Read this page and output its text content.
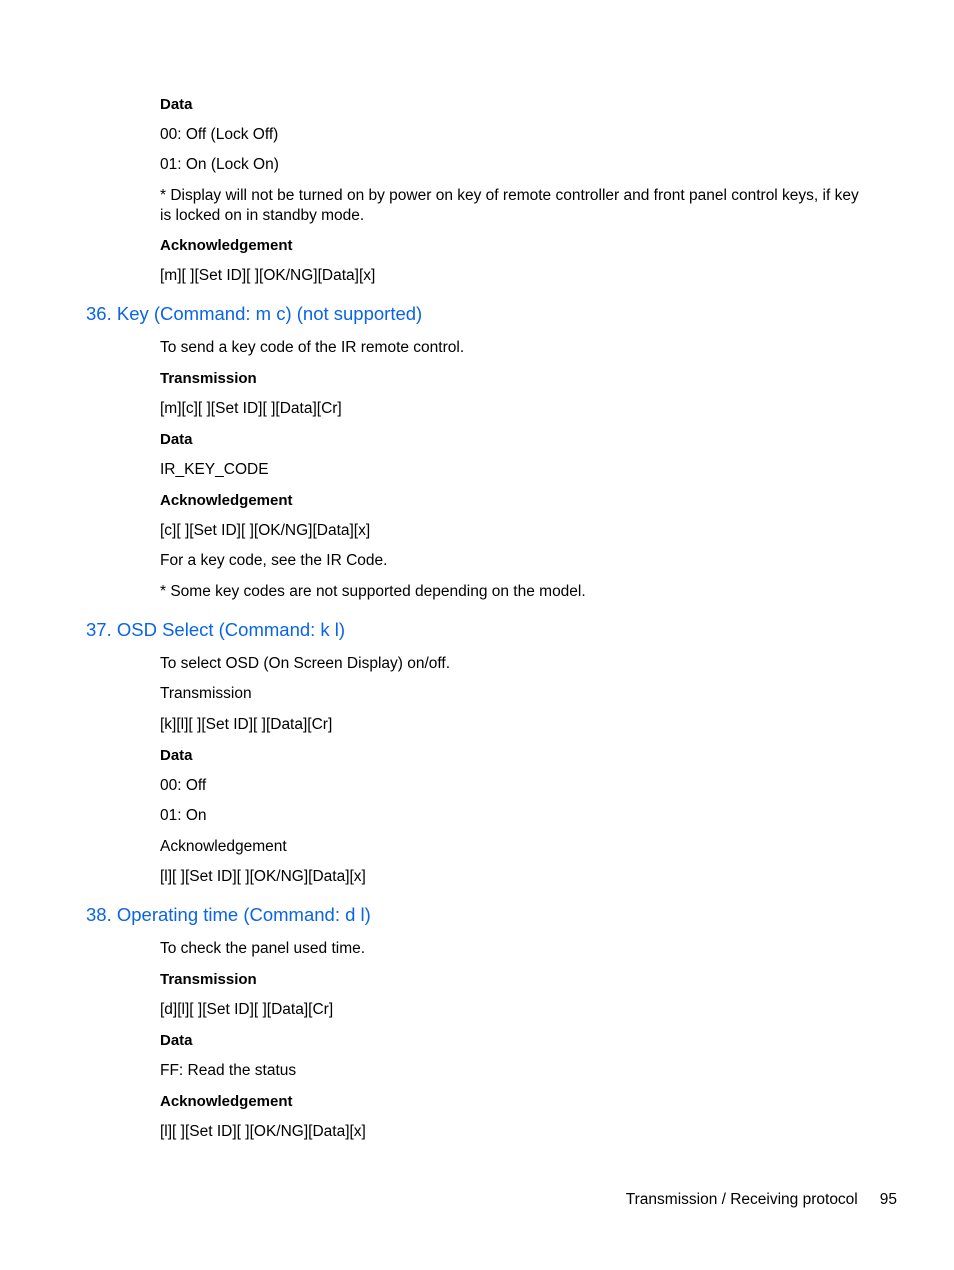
Data

00: Off (Lock Off)

01: On (Lock On)

* Display will not be turned on by power on key of remote controller and front panel control keys, if key is locked on in standby mode.

Acknowledgement

[m][ ][Set ID][ ][OK/NG][Data][x]

36. Key (Command: m c) (not supported)

To send a key code of the IR remote control.

Transmission

[m][c][ ][Set ID][ ][Data][Cr]

Data

IR_KEY_CODE

Acknowledgement

[c][ ][Set ID][ ][OK/NG][Data][x]

For a key code, see the IR Code.

* Some key codes are not supported depending on the model.

37. OSD Select (Command: k l)

To select OSD (On Screen Display) on/off.

Transmission

[k][l][ ][Set ID][ ][Data][Cr]

Data

00: Off

01: On

Acknowledgement

[l][ ][Set ID][ ][OK/NG][Data][x]

38. Operating time (Command: d l)

To check the panel used time.

Transmission

[d][l][ ][Set ID][ ][Data][Cr]

Data

FF: Read the status

Acknowledgement

[l][ ][Set ID][ ][OK/NG][Data][x]

Transmission / Receiving protocol 95
